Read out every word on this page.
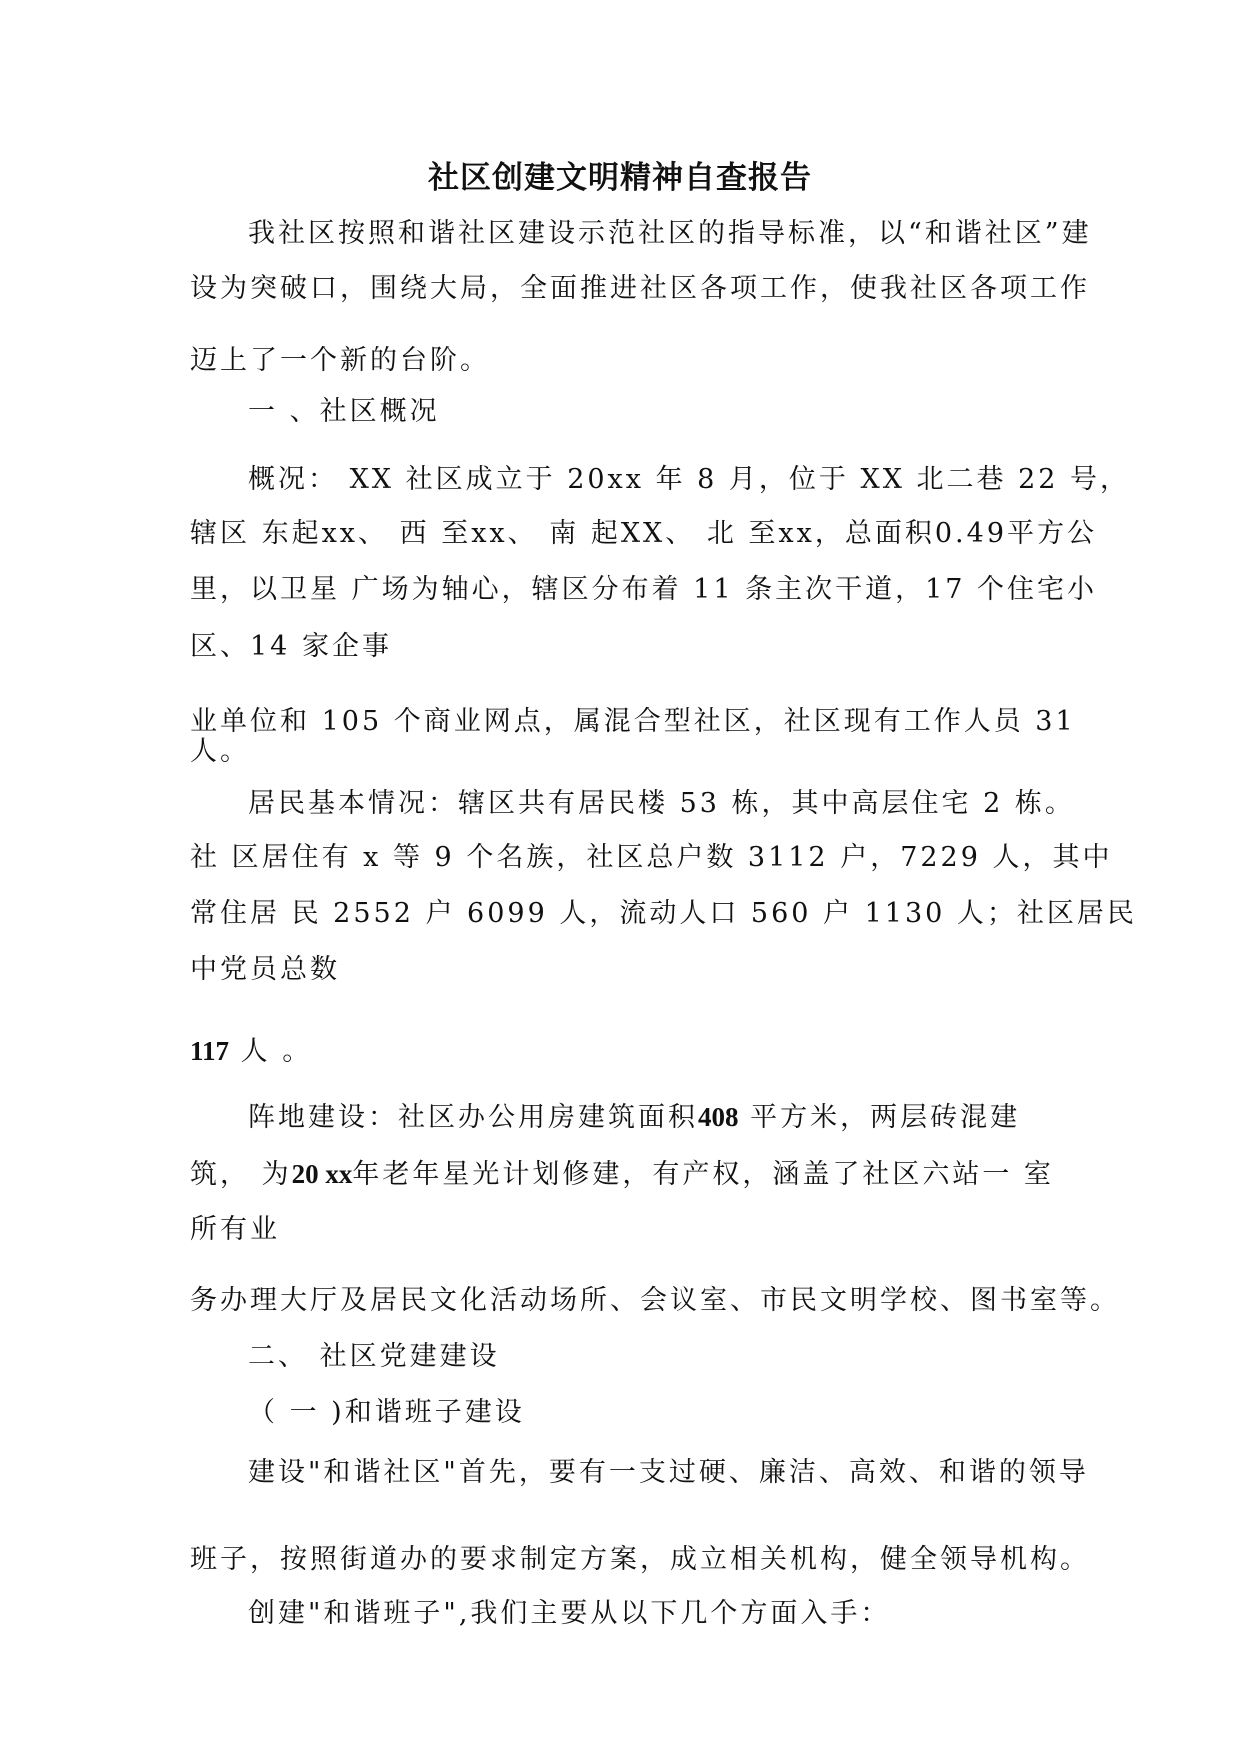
社区创建文明精神自查报告
我社区按照和谐社区建设示范社区的指导标准，以“和谐社区”建
设为突破口，围绕大局，全面推进社区各项工作，使我社区各项工作
迈上了一个新的台阶。
一 、社区概况
概况： XX 社区成立于 20xx 年 8 月，位于 XX 北二巷 22 号，
辖区 东起xx、 西 至xx、 南 起XX、 北 至xx，总面积0.49平方公
里，以卫星 广场为轴心，辖区分布着 11 条主次干道，17 个住宅小
区、14 家企事
业单位和 105 个商业网点，属混合型社区，社区现有工作人员 31
人。
居民基本情况：辖区共有居民楼 53 栋，其中高层住宅 2 栋。
社 区居住有 x 等 9 个名族，社区总户数 3112 户，7229 人，其中
常住居 民 2552 户 6099 人，流动人口 560 户 1130 人；社区居民
中党员总数
117 人 。
阵地建设：社区办公用房建筑面积408 平方米，两层砖混建
筑， 为20 xx年老年星光计划修建，有产权，涵盖了社区六站一 室
所有业
务办理大厅及居民文化活动场所、会议室、市民文明学校、图书室等。
二、 社区党建建设
（ 一 )和谐班子建设
建设"和谐社区"首先，要有一支过硬、廉洁、高效、和谐的领导
班子，按照街道办的要求制定方案，成立相关机构，健全领导机构。
创建"和谐班子",我们主要从以下几个方面入手：
